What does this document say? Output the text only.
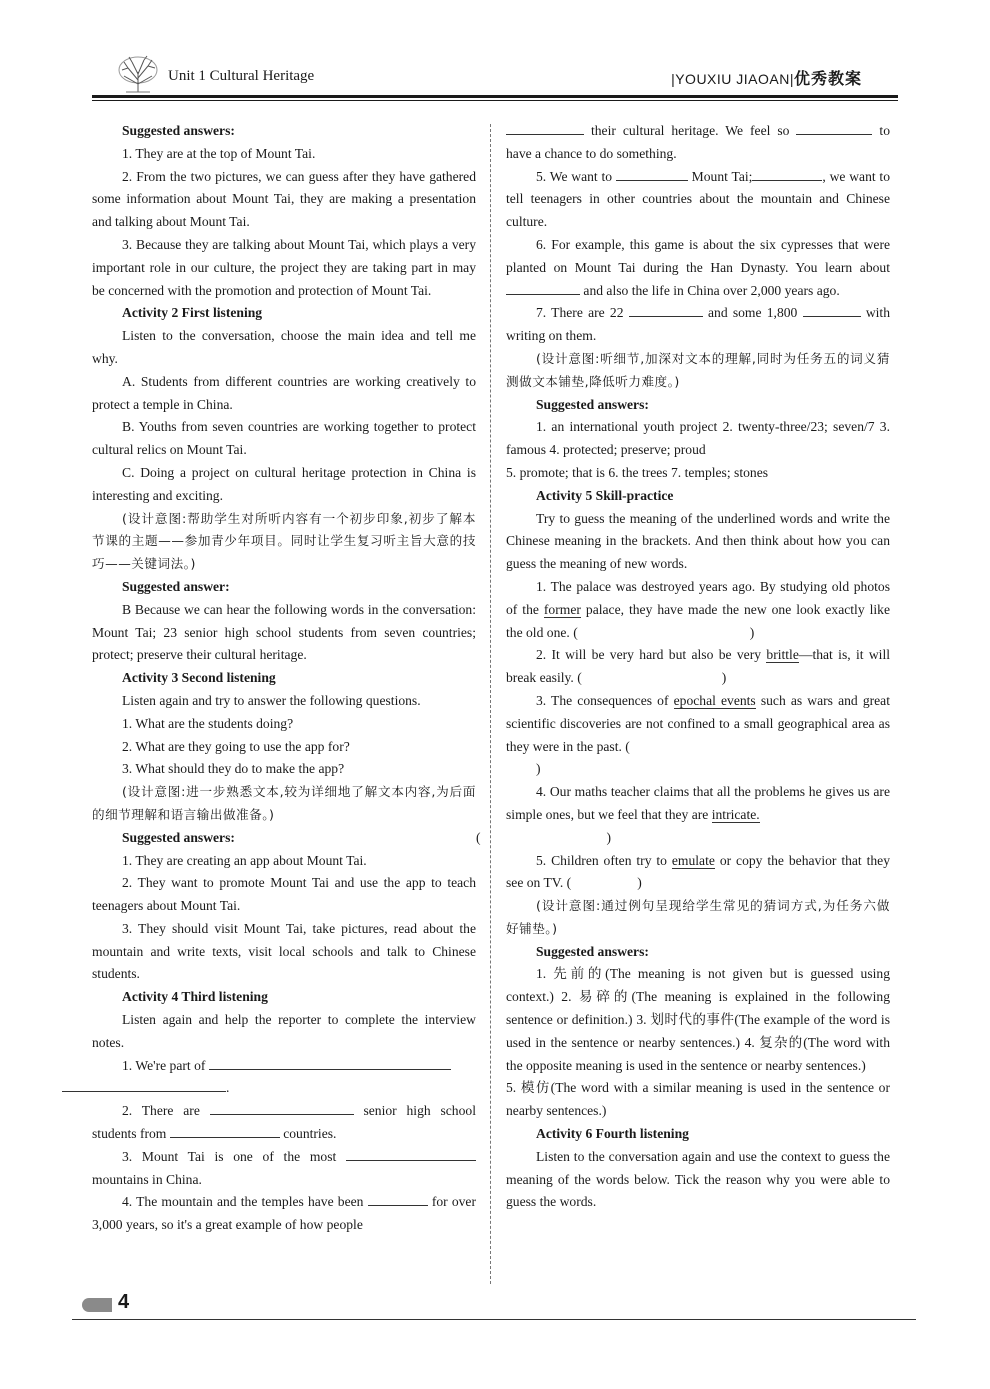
Unit 1 Cultural Heritage	|YOUXIU JIAOAN|优秀教案

Suggested answers:

1. They are at the top of Mount Tai.

2. From the two pictures, we can guess after they have gathered some information about Mount Tai, they are making a presentation and talking about Mount Tai.

3. Because they are talking about Mount Tai, which plays a very important role in our culture, the project they are taking part in may be concerned with the promotion and protection of Mount Tai.

Activity 2 First listening

Listen to the conversation, choose the main idea and tell me why.

A. Students from different countries are working creatively to protect a temple in China.

B. Youths from seven countries are working together to protect cultural relics on Mount Tai.

C. Doing a project on cultural heritage protection in China is interesting and exciting.

(设计意图:帮助学生对所听内容有一个初步印象,初步了解本节课的主题——参加青少年项目。同时让学生复习听主旨大意的技巧——关键词法。)

Suggested answer:

B Because we can hear the following words in the conversation: Mount Tai; 23 senior high school students from seven countries; protect; preserve their cultural heritage.

Activity 3 Second listening

Listen again and try to answer the following questions.

1. What are the students doing?

2. What are they going to use the app for?

3. What should they do to make the app?

(设计意图:进一步熟悉文本,较为详细地了解文本内容,为后面的细节理解和语言输出做准备。)

Suggested answers:

1. They are creating an app about Mount Tai.

2. They want to promote Mount Tai and use the app to teach teenagers about Mount Tai.

3. They should visit Mount Tai, take pictures, read about the mountain and write texts, visit local schools and talk to Chinese students.

Activity 4 Third listening

Listen again and help the reporter to complete the interview notes.

1. We're part of
.

2. There are	senior high school students from	countries.

3. Mount Tai is one of the most  mountains in China.

4. The mountain and the temples have been	for over 3,000 years, so it's a great example of how people

their cultural heritage. We feel so	to have a chance to do something.

5. We want to	Mount Tai;	, we want to tell teenagers in other countries about the mountain and Chinese culture.

6. For example, this game is about the six cypresses that were planted on Mount Tai during the Han Dynasty. You learn about  and also the life in China over 2,000 years ago.

7. There are 22	and some 1,800	with writing on them.

(设计意图:听细节,加深对文本的理解,同时为任务五的词义猜测做文本铺垫,降低听力难度。)

Suggested answers:

1. an international youth project 2. twenty-three/23; seven/7 3. famous 4. protected; preserve; proud

5. promote; that is 6. the trees 7. temples; stones

Activity 5 Skill-practice

Try to guess the meaning of the underlined words and write the Chinese meaning in the brackets. And then think about how you can guess the meaning of new words.

1. The palace was destroyed years ago. By studying old photos of the former palace, they have made the new one look exactly like the old one. (	)

2. It will be very hard but also be very brittle—that is, it will break easily. (	)

3. The consequences of epochal events such as wars and great scientific discoveries are not confined to a small geographical area as they were in the past. (
)

4. Our maths teacher claims that all the problems he gives us are simple ones, but we feel that they are intricate.
(	)

5. Children often try to emulate or copy the behavior that they see on TV. (	)

(设计意图:通过例句呈现给学生常见的猜词方式,为任务六做好铺垫。)

Suggested answers:

1. 先前的(The meaning is not given but is guessed using context.) 2. 易碎的(The meaning is explained in the following sentence or definition.) 3. 划时代的事件(The example of the word is used in the sentence or nearby sentences.) 4. 复杂的(The word with the opposite meaning is used in the sentence or nearby sentences.)

5. 模仿(The word with a similar meaning is used in the sentence or nearby sentences.)

Activity 6 Fourth listening

Listen to the conversation again and use the context to guess the meaning of the words below. Tick the reason why you were able to guess the words.

4
